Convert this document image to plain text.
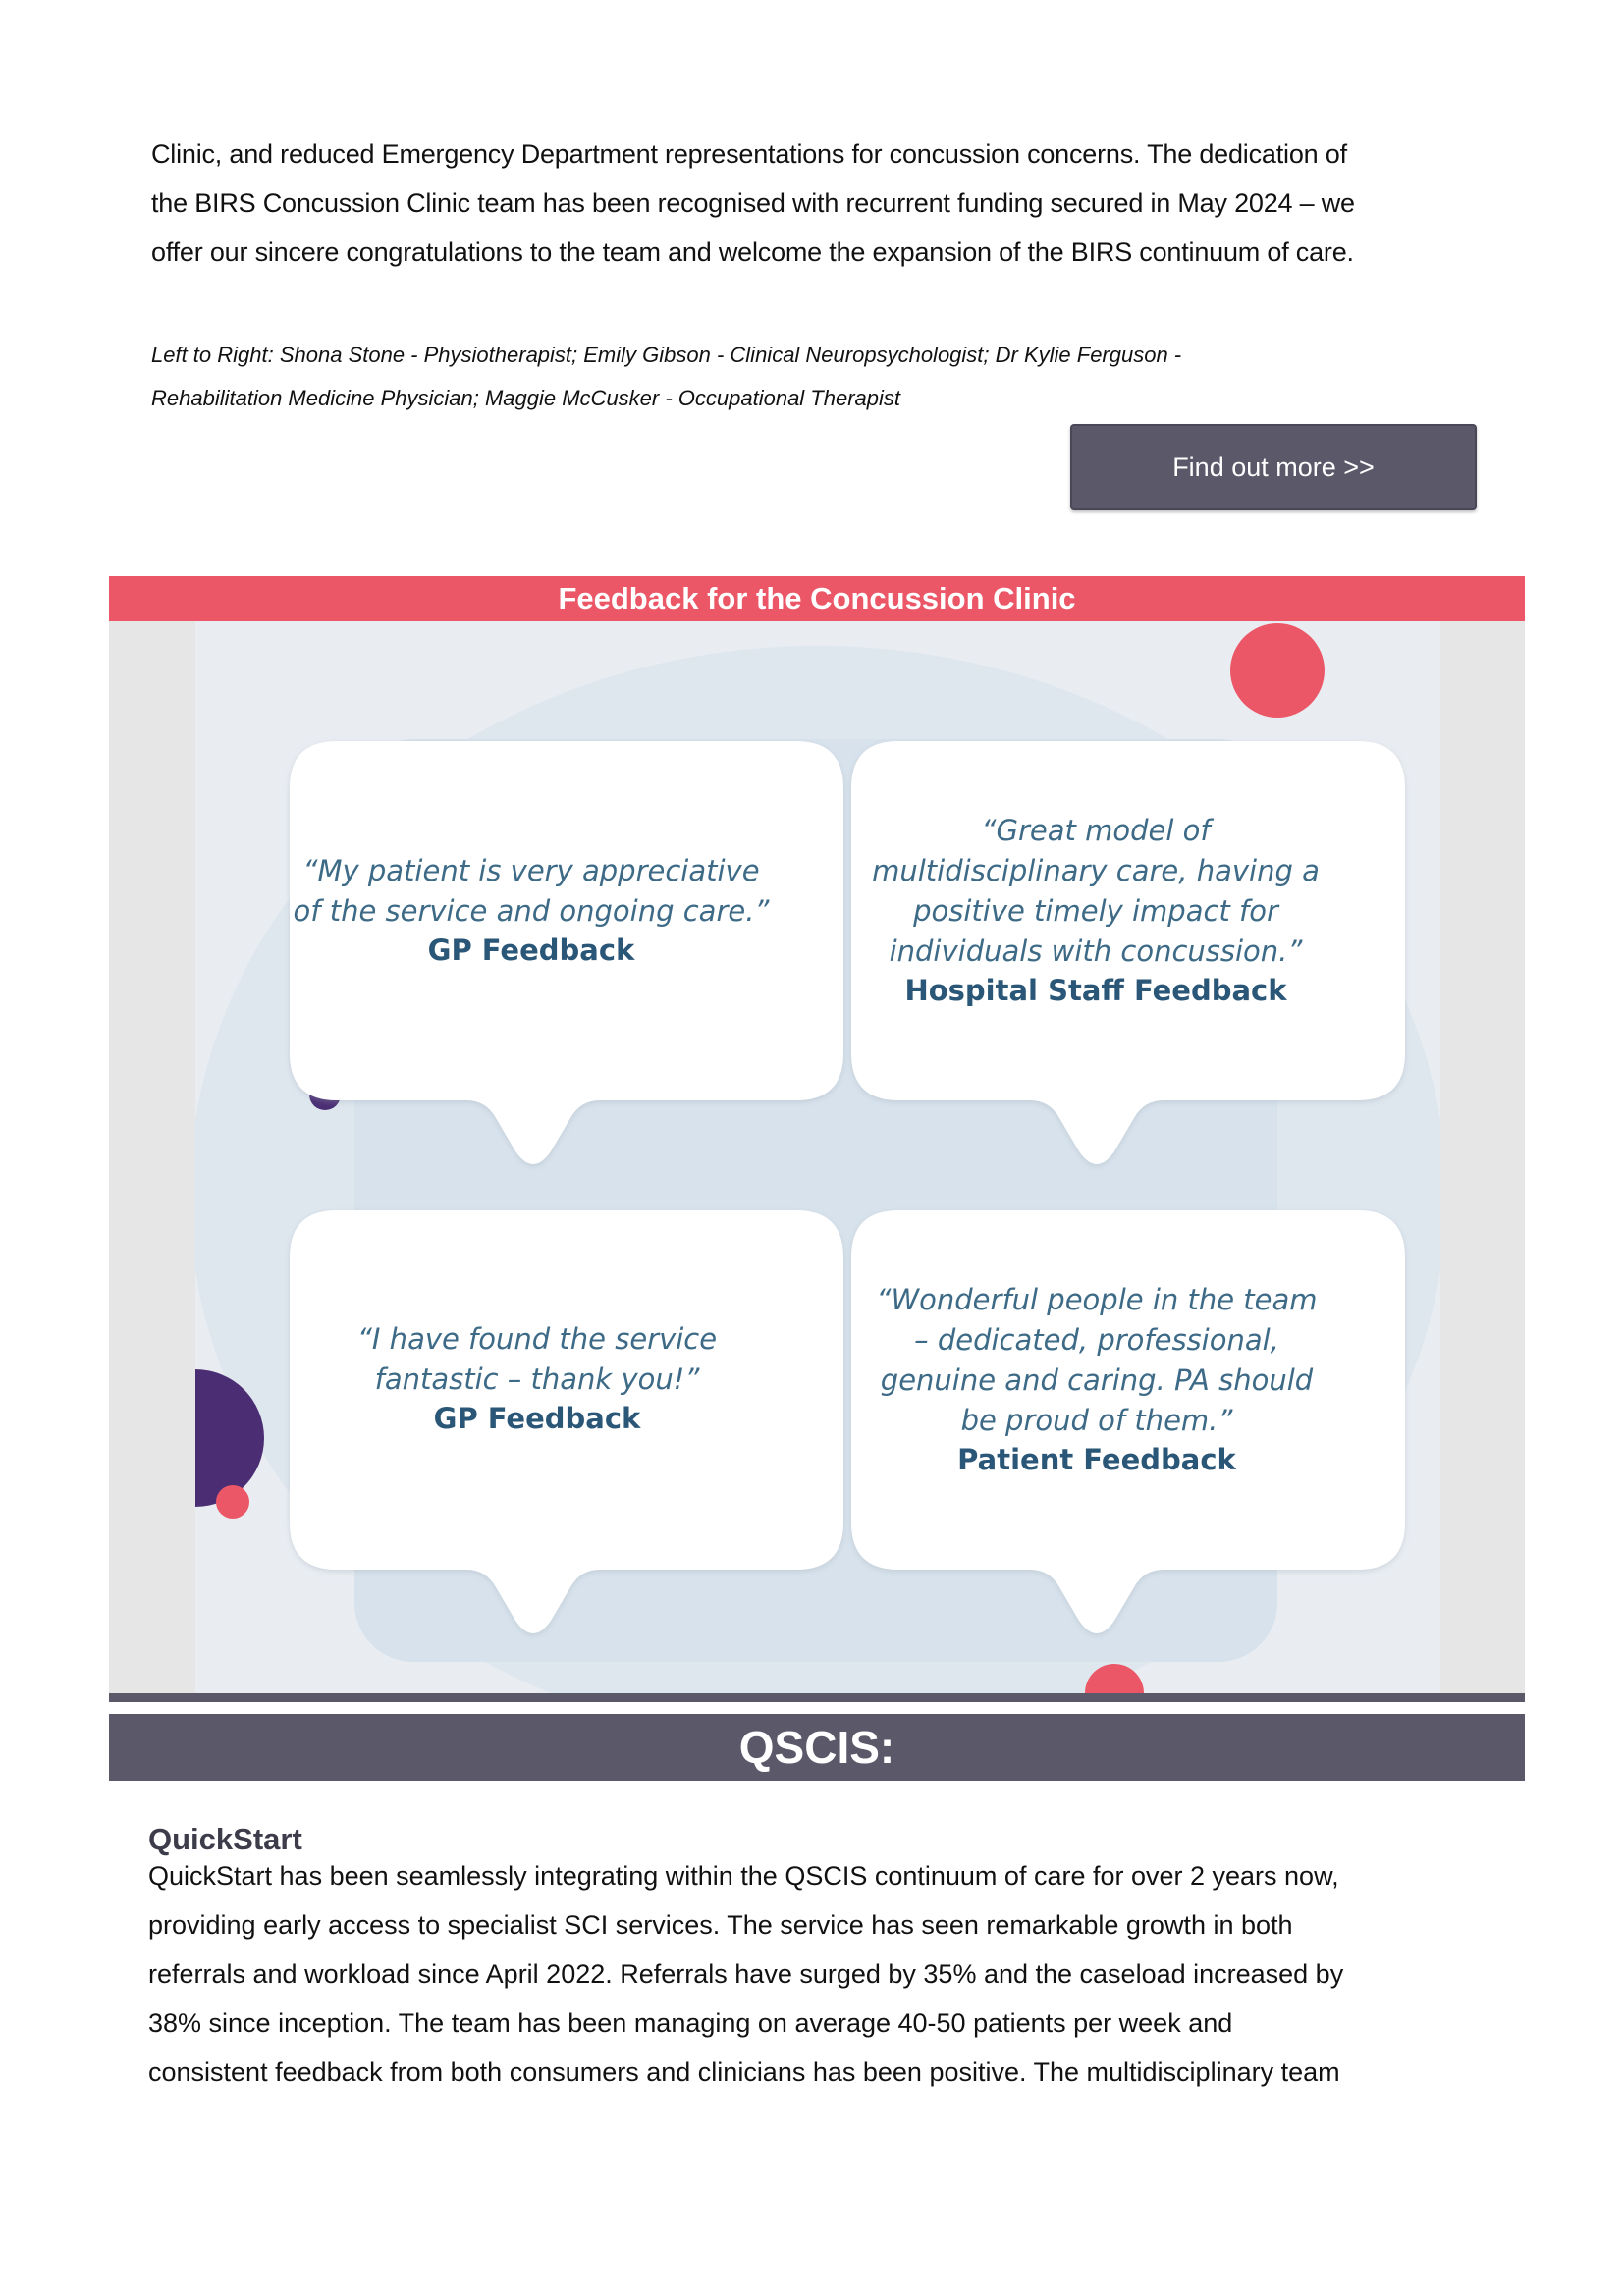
Clinic, and reduced Emergency Department representations for concussion concerns. The dedication of

the BIRS Concussion Clinic team has been recognised with recurrent funding secured in May 2024 – we

offer our sincere congratulations to the team and welcome the expansion of the BIRS continuum of care.

Left to Right: Shona Stone - Physiotherapist; Emily Gibson - Clinical Neuropsychologist; Dr Kylie Ferguson -
Rehabilitation Medicine Physician; Maggie McCusker - Occupational Therapist
Find out more >>
Feedback for the Concussion Clinic
“My patient is very appreciative
of the service and ongoing care.”
GP Feedback
“Great model of
multidisciplinary care, having a
positive timely impact for
individuals with concussion.”
Hospital Staff Feedback
“I have found the service
fantastic – thank you!”
GP Feedback
“Wonderful people in the team
– dedicated, professional,
genuine and caring. PA should
be proud of them.”
Patient Feedback
QSCIS:
QuickStart

QuickStart has been seamlessly integrating within the QSCIS continuum of care for over 2 years now,

providing early access to specialist SCI services. The service has seen remarkable growth in both

referrals and workload since April 2022. Referrals have surged by 35% and the caseload increased by

38% since inception. The team has been managing on average 40-50 patients per week and

consistent feedback from both consumers and clinicians has been positive. The multidisciplinary team
